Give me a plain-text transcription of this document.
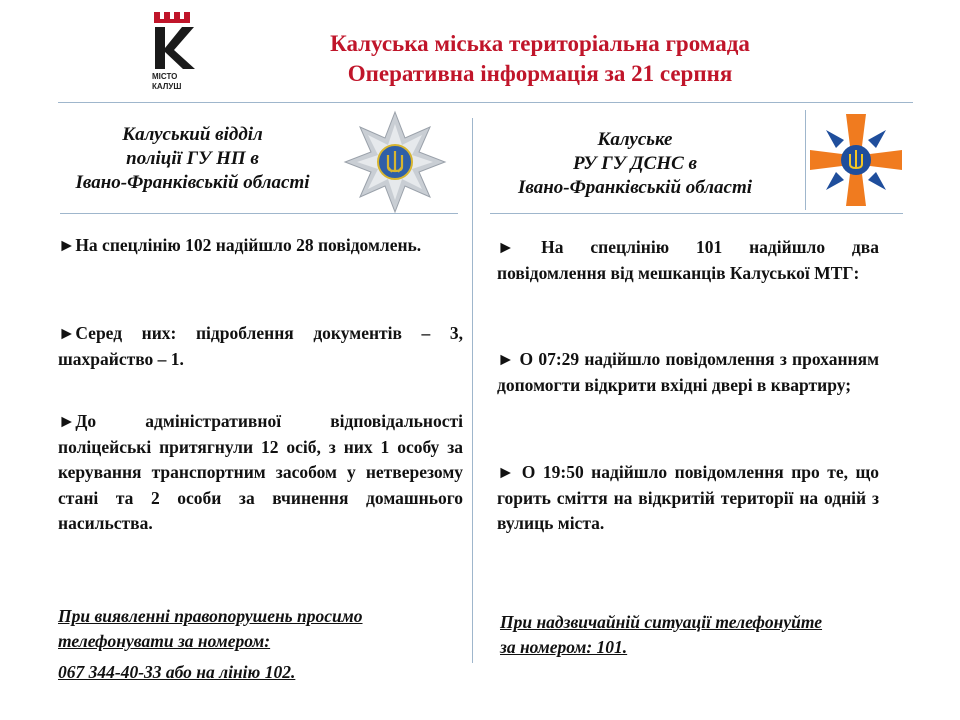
МІСТО
КАЛУШ
Калуська міська територіальна громада
Оперативна інформація за 21 серпня
Калуський відділ
поліції ГУ НП в
Івано-Франківській області

►На спецлінію 102 надійшло 28 повідомлень.

►Серед них: підроблення документів – 3, шахрайство – 1.

►До адміністративної відповідальності поліцейські притягнули 12 осіб, з них 1 особу за керування транспортним засобом у нетверезому стані та 2 особи за вчинення домашнього насильства.

При виявленні правопорушень просимо
телефонувати за номером:
067 344-40-33 або на лінію 102.
Калуське
РУ ГУ ДСНС в
Івано-Франківській області

► На спецлінію 101 надійшло два повідомлення від мешканців Калуської МТГ:

► О 07:29 надійшло повідомлення з проханням допомогти відкрити вхідні двері в квартиру;

► О 19:50 надійшло повідомлення про те, що горить сміття на відкритій території на одній з вулиць міста.

При надзвичайній ситуації телефонуйте
за номером: 101.
